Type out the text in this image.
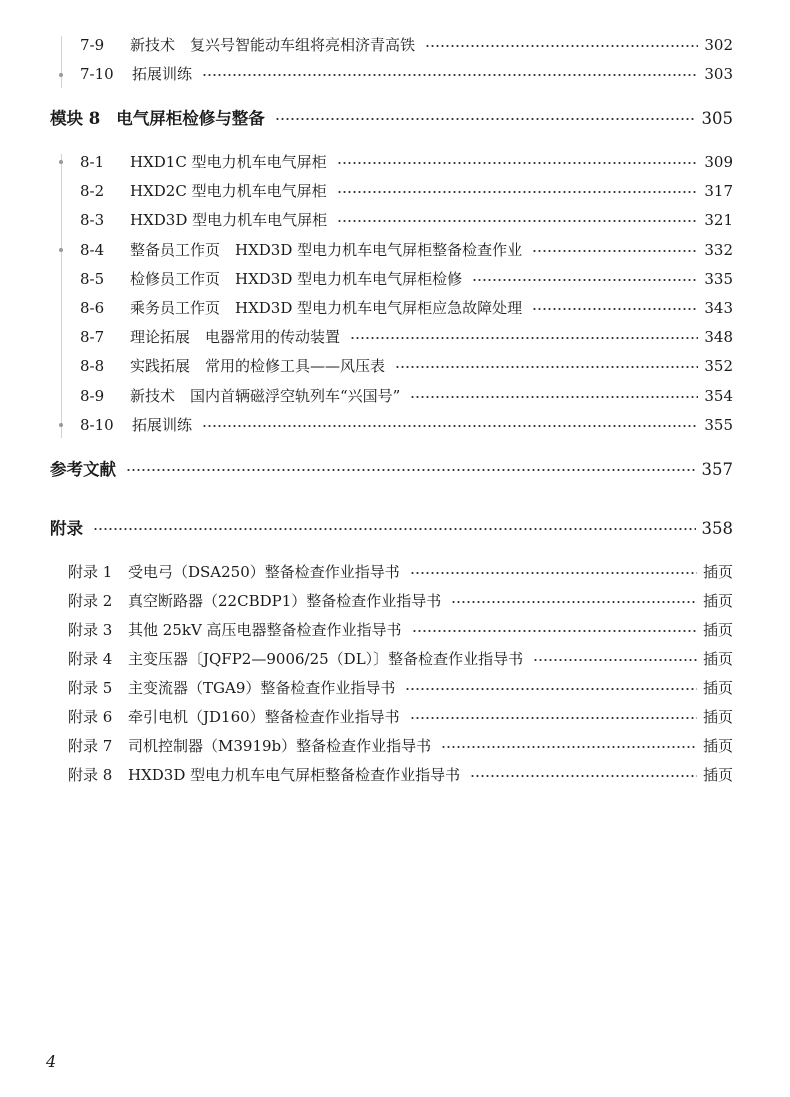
7-9	新技术　复兴号智能动车组将亮相济青高铁	302
7-10	拓展训练	303
模块 8 电气屏柜检修与整备	305
8-1	HXD1C 型电力机车电气屏柜	309
8-2	HXD2C 型电力机车电气屏柜	317
8-3	HXD3D 型电力机车电气屏柜	321
8-4	整备员工作页　HXD3D 型电力机车电气屏柜整备检查作业	332
8-5	检修员工作页　HXD3D 型电力机车电气屏柜检修	335
8-6	乘务员工作页　HXD3D 型电力机车电气屏柜应急故障处理	343
8-7	理论拓展　电器常用的传动装置	348
8-8	实践拓展　常用的检修工具——风压表	352
8-9	新技术　国内首辆磁浮空轨列车“兴国号”	354
8-10	拓展训练	355
参考文献	357
附录	358
附录 1	受电弓（DSA250）整备检查作业指导书	插页
附录 2	真空断路器（22CBDP1）整备检查作业指导书	插页
附录 3	其他 25kV 高压电器整备检查作业指导书	插页
附录 4	主变压器〔JQFP2—9006/25（DL）〕整备检查作业指导书	插页
附录 5	主变流器（TGA9）整备检查作业指导书	插页
附录 6	牵引电机（JD160）整备检查作业指导书	插页
附录 7	司机控制器（M3919b）整备检查作业指导书	插页
附录 8	HXD3D 型电力机车电气屏柜整备检查作业指导书	插页
4
